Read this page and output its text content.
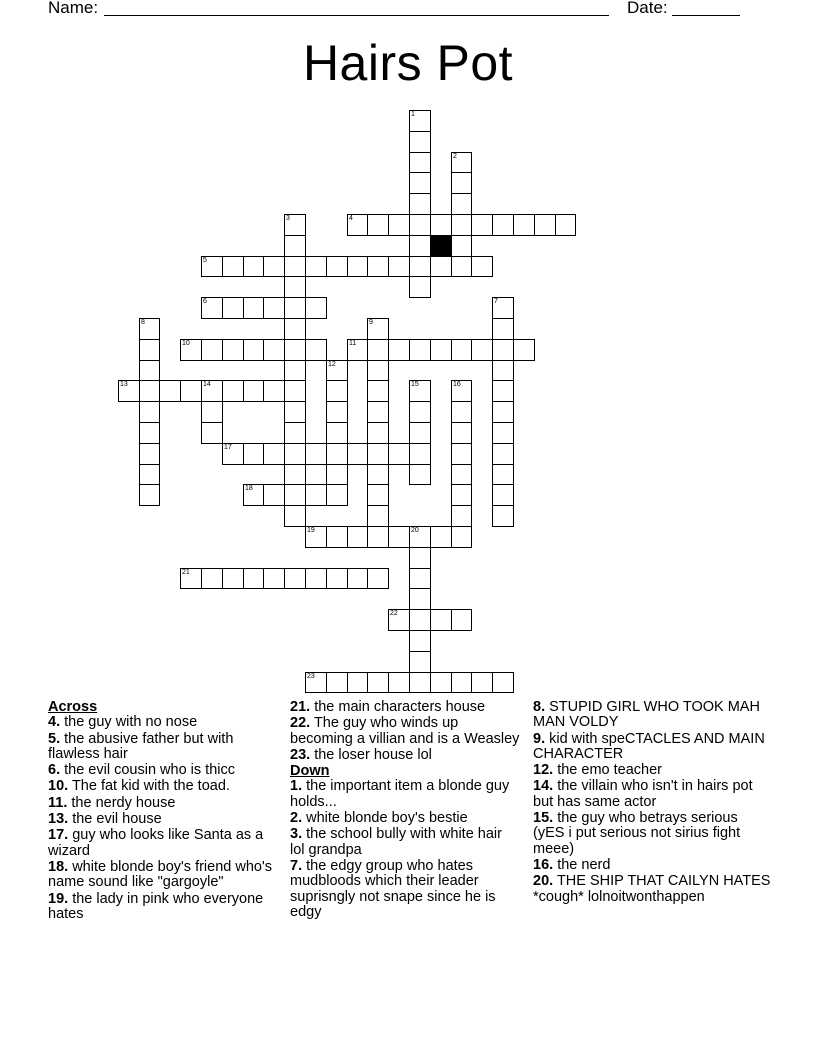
Name:	Date:
Hairs Pot
1
2
3	4
5
6	7
8	9
10	11
12
13	14	15	16
17
18
19	20
21
22
23
Across
4. the guy with no nose
5. the abusive father but with flawless hair
6. the evil cousin who is thicc
10. The fat kid with the toad.
11. the nerdy house
13. the evil house
17. guy who looks like Santa as a wizard
18. white blonde boy's friend who's name sound like "gargoyle"
19. the lady in pink who everyone hates
21. the main characters house
22. The guy who winds up becoming a villian and is a Weasley
23. the loser house lol
Down
1. the important item a blonde guy holds...
2. white blonde boy's bestie
3. the school bully with white hair lol grandpa
7. the edgy group who hates mudbloods which their leader suprisngly not snape since he is edgy
8. STUPID GIRL WHO TOOK MAH MAN VOLDY
9. kid with speCTACLES AND MAIN CHARACTER
12. the emo teacher
14. the villain who isn't in hairs pot but has same actor
15. the guy who betrays serious (yES i put serious not sirius fight meee)
16. the nerd
20. THE SHIP THAT CAILYN HATES *cough* lolnoitwonthappen
